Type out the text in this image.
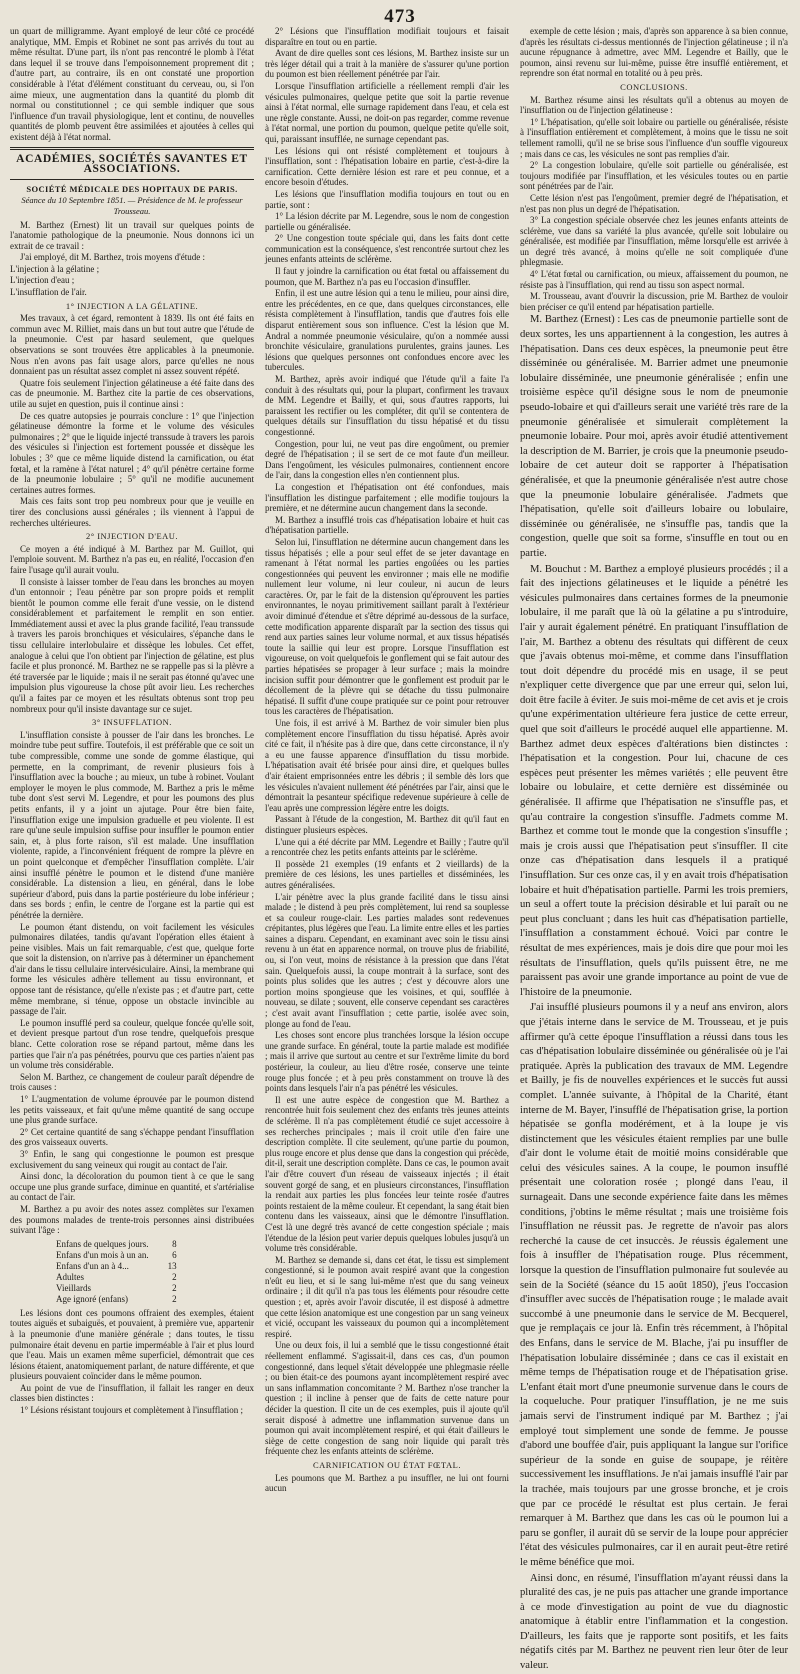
473

un quart de milligramme. Ayant employé de leur côté ce procédé analytique, MM. Empis et Robinet ne sont pas arrivés du tout au même résultat. D'une part, ils n'ont pas rencontré le plomb à l'état dans lequel il se trouve dans l'empoisonnement proprement dit ; d'autre part, au contraire, ils en ont constaté une proportion considérable à l'état d'élément constituant du cerveau, ou, si l'on aime mieux, une augmentation dans la quantité du plomb dit normal ou constitutionnel ; ce qui semble indiquer que sous l'influence d'un travail physiologique, lent et continu, de nouvelles quantités de plomb peuvent être assimilées et ajoutées à celles qui existent déjà à l'état normal.

ACADÉMIES, SOCIÉTÉS SAVANTES ET ASSOCIATIONS.
SOCIÉTÉ MÉDICALE DES HOPITAUX DE PARIS.
Séance du 10 Septembre 1851. — Présidence de M. le professeur Trousseau.

M. Barthez (Ernest) lit un travail sur quelques points de l'anatomie pathologique de la pneumonie. Nous donnons ici un extrait de ce travail :

J'ai employé, dit M. Barthez, trois moyens d'étude :

L'injection à la gélatine ;

L'injection d'eau ;

L'insufflation de l'air.

1° INJECTION A LA GÉLATINE.

Mes travaux, à cet égard, remontent à 1839. Ils ont été faits en commun avec M. Rilliet, mais dans un but tout autre que l'étude de la pneumonie. C'est par hasard seulement, que quelques observations se sont trouvées être applicables à la pneumonie. Nous n'en avons pas fait usage alors, parce qu'elles ne nous donnaient pas un résultat assez complet ni assez souvent répété.

Quatre fois seulement l'injection gélatineuse a été faite dans des cas de pneumonie. M. Barthez cite la partie de ces observations, utile au sujet en question, puis il continue ainsi :

De ces quatre autopsies je pourrais conclure : 1° que l'injection gélatineuse démontre la forme et le volume des vésicules pulmonaires ; 2° que le liquide injecté transsude à travers les parois des vésicules si l'injection est fortement poussée et dissèque les lobules ; 3° que ce même liquide distend la carnification, ou état fœtal, et la ramène à l'état naturel ; 4° qu'il pénètre certaine forme de la pneumonie lobulaire ; 5° qu'il ne modifie aucunement certaines autres formes.

Mais ces faits sont trop peu nombreux pour que je veuille en tirer des conclusions aussi générales ; ils viennent à l'appui de recherches ultérieures.

2° INJECTION D'EAU.

Ce moyen a été indiqué à M. Barthez par M. Guillot, qui l'emploie souvent. M. Barthez n'a pas eu, en réalité, l'occasion d'en faire l'usage qu'il aurait voulu.

Il consiste à laisser tomber de l'eau dans les bronches au moyen d'un entonnoir ; l'eau pénètre par son propre poids et remplit bientôt le poumon comme elle ferait d'une vessie, on le distend considérablement et parfaitement le remplit en son entier. Immédiatement aussi et avec la plus grande facilité, l'eau transsude à travers les parois bronchiques et vésiculaires, s'épanche dans le tissu cellulaire interlobulaire et dissèque les lobules. Cet effet, analogue à celui que l'on obtient par l'injection de gélatine, est plus facile et plus prononcé. M. Barthez ne se rappelle pas si la plèvre a été traversée par le liquide ; mais il ne serait pas étonné qu'avec une impulsion plus vigoureuse la chose pût avoir lieu. Les recherches qu'il a faites par ce moyen et les résultats obtenus sont trop peu nombreux pour qu'il insiste davantage sur ce sujet.

3° INSUFFLATION.

L'insufflation consiste à pousser de l'air dans les bronches. Le moindre tube peut suffire. Toutefois, il est préférable que ce soit un tube compressible, comme une sonde de gomme élastique, qui permette, en la comprimant, de revenir plusieurs fois à l'insufflation avec la bouche ; au mieux, un tube à robinet. Voulant employer le moyen le plus commode, M. Barthez a pris le même tube dont s'est servi M. Legendre, et pour les poumons des plus petits enfants, il y a joint un ajutage. Pour être bien faite, l'insufflation exige une impulsion graduelle et peu violente. Il est rare qu'une seule impulsion suffise pour insuffler le poumon entier sain, et, à plus forte raison, s'il est malade. Une insufflation violente, rapide, a l'inconvénient fréquent de rompre la plèvre en un point quelconque et d'empêcher l'insufflation complète. L'air ainsi insufflé pénètre le poumon et le distend d'une manière considérable. La distension a lieu, en général, dans le lobe supérieur d'abord, puis dans la partie postérieure du lobe inférieur ; dans ses bords ; enfin, le centre de l'organe est la partie qui est pénétrée la dernière.

Le poumon étant distendu, on voit facilement les vésicules pulmonaires dilatées, tandis qu'avant l'opération elles étaient à peine visibles. Mais un fait remarquable, c'est que, quelque forte que soit la distension, on n'arrive pas à déterminer un épanchement d'air dans le tissu cellulaire intervésiculaire. Ainsi, la membrane qui forme les vésicules adhère tellement au tissu environnant, et oppose tant de résistance, qu'elle n'existe pas ; et d'autre part, cette même membrane, si ténue, oppose un obstacle invincible au passage de l'air.

Le poumon insufflé perd sa couleur, quelque foncée qu'elle soit, et devient presque partout d'un rose tendre, quelquefois presque blanc. Cette coloration rose se répand partout, même dans les parties que l'air n'a pas pénétrées, pourvu que ces parties n'aient pas un volume très considérable.

Selon M. Barthez, ce changement de couleur paraît dépendre de trois causes :

1° L'augmentation de volume éprouvée par le poumon distend les petits vaisseaux, et fait qu'une même quantité de sang occupe une plus grande surface.

2° Cet certaine quantité de sang s'échappe pendant l'insufflation des gros vaisseaux ouverts.

3° Enfin, le sang qui congestionne le poumon est presque exclusivement du sang veineux qui rougit au contact de l'air.

Ainsi donc, la décoloration du poumon tient à ce que le sang occupe une plus grande surface, diminue en quantité, et s'artérialise au contact de l'air.

M. Barthez a pu avoir des notes assez complètes sur l'examen des poumons malades de trente-trois personnes ainsi distribuées suivant l'âge :

Enfans de quelques jours.	8
Enfans d'un mois à un an.	6
Enfans d'un an à 4...	13
Adultes	2
Vieillards	2
Age ignoré (enfans)	2

Les lésions dont ces poumons offraient des exemples, étaient toutes aiguës et subaiguës, et pouvaient, à première vue, appartenir à la pneumonie d'une manière générale ; dans toutes, le tissu pulmonaire était devenu en partie imperméable à l'air et plus lourd que l'eau. Mais un examen même superficiel, démontrait que ces lésions étaient, anatomiquement parlant, de nature différente, et que plusieurs pouvaient coïncider dans le même poumon.

Au point de vue de l'insufflation, il fallait les ranger en deux classes bien distinctes :

1° Lésions résistant toujours et complètement à l'insufflation ;

2° Lésions que l'insufflation modifiait toujours et faisait disparaître en tout ou en partie.

Avant de dire quelles sont ces lésions, M. Barthez insiste sur un très léger détail qui a trait à la manière de s'assurer qu'une portion du poumon est bien réellement pénétrée par l'air.

Lorsque l'insufflation artificielle a réellement rempli d'air les vésicules pulmonaires, quelque petite que soit la partie revenue ainsi à l'état normal, elle surnage rapidement dans l'eau, et cela est une règle constante. Aussi, ne doit-on pas regarder, comme revenue à l'état normal, une portion du poumon, quelque petite qu'elle soit, qui, paraissant insufflée, ne surnage cependant pas.

Les lésions qui ont résisté complètement et toujours à l'insufflation, sont : l'hépatisation lobaire en partie, c'est-à-dire la carnification. Cette dernière lésion est rare et peu connue, et a encore besoin d'études.

Les lésions que l'insufflation modifia toujours en tout ou en partie, sont :

1° La lésion décrite par M. Legendre, sous le nom de congestion partielle ou généralisée.

2° Une congestion toute spéciale qui, dans les faits dont cette communication est la conséquence, s'est rencontrée surtout chez les jeunes enfants atteints de sclérème.

Il faut y joindre la carnification ou état fœtal ou affaissement du poumon, que M. Barthez n'a pas eu l'occasion d'insuffler.

Enfin, il est une autre lésion qui a tenu le milieu, pour ainsi dire, entre les précédentes, en ce que, dans quelques circonstances, elle résista complètement à l'insufflation, tandis que d'autres fois elle disparut entièrement sous son influence. C'est la lésion que M. Andral a nommée pneumonie vésiculaire, qu'on a nommée aussi bronchite vésiculaire, granulations purulentes, grains jaunes. Les lésions que quelques personnes ont confondues encore avec les tubercules.

M. Barthez, après avoir indiqué que l'étude qu'il a faite l'a conduit à des résultats qui, pour la plupart, confirment les travaux de MM. Legendre et Bailly, et qui, sous d'autres rapports, lui paraissent les rectifier ou les compléter, dit qu'il se contentera de quelques détails sur l'insufflation du tissu hépatisé et du tissu congestionné.

Congestion, pour lui, ne veut pas dire engoûment, ou premier degré de l'hépatisation ; il se sert de ce mot faute d'un meilleur. Dans l'engoûment, les vésicules pulmonaires, contiennent encore de l'air, dans la congestion elles n'en contiennent plus.

La congestion et l'hépatisation ont été confondues, mais l'insufflation les distingue parfaitement ; elle modifie toujours la première, et ne détermine aucun changement dans la seconde.

M. Barthez a insufflé trois cas d'hépatisation lobaire et huit cas d'hépatisation partielle.

Selon lui, l'insufflation ne détermine aucun changement dans les tissus hépatisés ; elle a pour seul effet de se jeter davantage en ramenant à l'état normal les parties engoûées ou les parties congestionnées qui peuvent les environner ; mais elle ne modifie nullement leur volume, ni leur couleur, ni aucun de leurs caractères. Or, par le fait de la distension qu'éprouvent les parties environnantes, le noyau primitivement saillant paraît à l'extérieur avoir diminué d'étendue et s'être déprimé au-dessous de la surface, cette modification apparente disparaît par la section des tissus qui rend aux parties saines leur volume normal, et aux tissus hépatisés toute la saillie qui leur est propre. Lorsque l'insufflation est vigoureuse, on voit quelquefois le gonflement qui se fait autour des parties hépatisées se propager à leur surface ; mais la moindre incision suffit pour démontrer que le gonflement est produit par le décollement de la plèvre qui se détache du tissu pulmonaire hépatisé. Il suffit d'une coupe pratiquée sur ce point pour retrouver tous les caractères de l'hépatisation.

Une fois, il est arrivé à M. Barthez de voir simuler bien plus complètement encore l'insufflation du tissu hépatisé. Après avoir cité ce fait, il n'hésite pas à dire que, dans cette circonstance, il n'y a eu une fausse apparence d'insufflation du tissu morbide. L'hépatisation avait été brisée pour ainsi dire, et quelques bulles d'air étaient emprisonnées entre les débris ; il semble dès lors que les vésicules n'avaient nullement été pénétrées par l'air, ainsi que le démontrait la pesanteur spécifique redevenue supérieure à celle de l'eau après une compression légère entre les doigts.

Passant à l'étude de la congestion, M. Barthez dit qu'il faut en distinguer plusieurs espèces.

L'une qui a été décrite par MM. Legendre et Bailly ; l'autre qu'il a rencontrée chez les petits enfants atteints par le sclérème.

Il possède 21 exemples (19 enfants et 2 vieillards) de la première de ces lésions, les unes partielles et disséminées, les autres généralisées.

L'air pénètre avec la plus grande facilité dans le tissu ainsi malade ; le distend à peu près complètement, lui rend sa souplesse et sa couleur rouge-clair. Les parties malades sont redevenues crépitantes, plus légères que l'eau. La limite entre elles et les parties saines a disparu. Cependant, en examinant avec soin le tissu ainsi revenu à un état en apparence normal, on trouve plus de friabilité, ou, si l'on veut, moins de résistance à la pression que dans l'état sain. Quelquefois aussi, la coupe montrait à la surface, sont des points plus solides que les autres ; c'est y découvre alors une portion moins spongieuse que les voisines, et qui, soufflée à nouveau, se dilate ; souvent, elle conserve cependant ses caractères ; c'est avait avant l'insufflation ; cette partie, isolée avec soin, plonge au fond de l'eau.

Les choses sont encore plus tranchées lorsque la lésion occupe une grande surface. En général, toute la partie malade est modifiée ; mais il arrive que surtout au centre et sur l'extrême limite du bord postérieur, la couleur, au lieu d'être rosée, conserve une teinte rouge plus foncée ; et à peu près constamment on trouve là des points dans lesquels l'air n'a pas pénétré les vésicules.

Il est une autre espèce de congestion que M. Barthez a rencontrée huit fois seulement chez des enfants très jeunes atteints de sclérème. Il n'a pas complètement étudié ce sujet accessoire à ses recherches principales ; mais il croit utile d'en faire une description complète. Il cite seulement, qu'une partie du poumon, plus rouge encore et plus dense que dans la congestion qui précède, dit-il, serait une description complète. Dans ce cas, le poumon avait l'air d'être couvert d'un réseau de vaisseaux injectés ; il était souvent gorgé de sang, et en plusieurs circonstances, l'insufflation la rendait aux parties les plus foncées leur teinte rosée d'autres points restaient de la même couleur. Et cependant, la sang était bien contenu dans les vaisseaux, ainsi que le démontre l'insufflation. C'est là une degré très avancé de cette congestion spéciale ; mais l'étendue de la lésion peut varier depuis quelques lobules jusqu'à un volume très considérable.

M. Barthez se demande si, dans cet état, le tissu est simplement congestionné, si le poumon avait respiré avant que la congestion n'eût eu lieu, et si le sang lui-même n'est que du sang veineux ordinaire ; il dit qu'il n'a pas tous les éléments pour résoudre cette question ; et, après avoir l'avoir discutée, il est disposé à admettre que cette lésion anatomique est une congestion par un sang veineux et vicié, occupant les vaisseaux du poumon qui a incomplètement respiré.

Une ou deux fois, il lui a semblé que le tissu congestionné était réellement enflammé. S'agissait-il, dans ces cas, d'un poumon congestionné, dans lequel s'était développée une phlegmasie réelle ; ou bien était-ce des poumons ayant incomplètement respiré avec un sans inflammation concomitante ? M. Barthez n'ose trancher la question ; il incline à penser que de faits de cette nature pour décider la question. Il cite un de ces exemples, puis il ajoute qu'il serait disposé à admettre une inflammation survenue dans un poumon qui avait incomplètement respiré, et qui était d'ailleurs le siège de cette congestion de sang noir liquide qui paraît très fréquente chez les enfants atteints de sclérème.

CARNIFICATION OU ÉTAT FŒTAL.

Les poumons que M. Barthez a pu insuffler, ne lui ont fourni aucun

exemple de cette lésion ; mais, d'après son apparence à sa bien connue, d'après les résultats ci-dessus mentionnés de l'injection gélatineuse ; il n'a aucune répugnance à admettre, avec MM. Legendre et Bailly, que le poumon, ainsi revenu sur lui-même, puisse être insufflé entièrement, et reprendre son état normal en totalité ou à peu près.

CONCLUSIONS.

M. Barthez résume ainsi les résultats qu'il a obtenus au moyen de l'insufflation ou de l'injection gélatineuse :

1° L'hépatisation, qu'elle soit lobaire ou partielle ou généralisée, résiste à l'insufflation entièrement et complètement, à moins que le tissu ne soit tellement ramolli, qu'il ne se brise sous l'influence d'un souffle vigoureux ; mais dans ce cas, les vésicules ne sont pas remplies d'air.

2° La congestion lobulaire, qu'elle soit partielle ou généralisée, est toujours modifiée par l'insufflation, et les vésicules toutes ou en partie sont pénétrées par de l'air.

Cette lésion n'est pas l'engoûment, premier degré de l'hépatisation, et n'est pas non plus un degré de l'hépatisation.

3° La congestion spéciale observée chez les jeunes enfants atteints de sclérème, vue dans sa variété la plus avancée, qu'elle soit lobulaire ou généralisée, est modifiée par l'insufflation, même lorsqu'elle est arrivée à un degré très avancé, à moins qu'elle ne soit compliquée d'une phlegmasie.

4° L'état fœtal ou carnification, ou mieux, affaissement du poumon, ne résiste pas à l'insufflation, qui rend au tissu son aspect normal.

M. Trousseau, avant d'ouvrir la discussion, prie M. Barthez de vouloir bien préciser ce qu'il entend par hépatisation partielle.

M. Barthez (Ernest) : Les cas de pneumonie partielle sont de deux sortes, les uns appartiennent à la congestion, les autres à l'hépatisation. Dans ces deux espèces, la pneumonie peut être disséminée ou généralisée. M. Barrier admet une pneumonie lobulaire disséminée, une pneumonie généralisée ; enfin une troisième espèce qu'il désigne sous le nom de pneumonie pseudo-lobaire et qui d'ailleurs serait une variété très rare de la pneumonie généralisée et simulerait complètement la pneumonie lobaire. Pour moi, après avoir étudié attentivement la description de M. Barrier, je crois que la pneumonie pseudo-lobaire de cet auteur doit se rapporter à l'hépatisation généralisée, et que la pneumonie généralisée n'est autre chose que la pneumonie lobulaire généralisée. J'admets que l'hépatisation, qu'elle soit d'ailleurs lobaire ou lobulaire, disséminée ou généralisée, ne s'insuffle pas, tandis que la congestion, quelle que soit sa forme, s'insuffle en tout ou en partie.

M. Bouchut : M. Barthez a employé plusieurs procédés ; il a fait des injections gélatineuses et le liquide a pénétré les vésicules pulmonaires dans certaines formes de la pneumonie lobulaire, il me paraît que là où la gélatine a pu s'introduire, l'air y aurait également pénétré. En pratiquant l'insufflation de l'air, M. Barthez a obtenu des résultats qui diffèrent de ceux que j'avais obtenus moi-même, et comme dans l'insufflation tout doit dépendre du procédé mis en usage, il se peut n'expliquer cette divergence que par une erreur qui, selon lui, doit être facile à éviter. Je suis moi-même de cet avis et je crois qu'une expérimentation ultérieure fera justice de cette erreur, quel que soit d'ailleurs le procédé auquel elle appartienne. M. Barthez admet deux espèces d'altérations bien distinctes : l'hépatisation et la congestion. Pour lui, chacune de ces espèces peut présenter les mêmes variétés ; elle peuvent être lobaire ou lobulaire, et cette dernière est disséminée ou généralisée. Il affirme que l'hépatisation ne s'insuffle pas, et qu'au contraire la congestion s'insuffle. J'admets comme M. Barthez et comme tout le monde que la congestion s'insuffle ; mais je crois aussi que l'hépatisation peut s'insuffler. Il cite onze cas d'hépatisation dans lesquels il a pratiqué l'insufflation. Sur ces onze cas, il y en avait trois d'hépatisation lobaire et huit d'hépatisation partielle. Parmi les trois premiers, un seul a offert toute la précision désirable et lui paraît ou ne peut plus concluant ; dans les huit cas d'hépatisation partielle, l'insufflation a constamment échoué. Voici par contre le résultat de mes expériences, mais je dois dire que pour moi les résultats de l'insufflation, quels qu'ils puissent être, ne me paraissent pas avoir une grande importance au point de vue de l'histoire de la pneumonie.

J'ai insufflé plusieurs poumons il y a neuf ans environ, alors que j'étais interne dans le service de M. Trousseau, et je puis affirmer qu'à cette époque l'insufflation a réussi dans tous les cas d'hépatisation lobulaire disséminée ou généralisée où je l'ai pratiquée. Après la publication des travaux de MM. Legendre et Bailly, je fis de nouvelles expériences et le succès fut aussi complet. L'année suivante, à l'hôpital de la Charité, étant interne de M. Bayer, l'insufflé de l'hépatisation grise, la portion hépatisée se gonfla modérément, et à la loupe je vis distinctement que les vésicules étaient remplies par une bulle d'air dont le volume était de moitié moins considérable que celui des vésicules saines. A la coupe, le poumon insufflé présentait une coloration rosée ; plongé dans l'eau, il surnageait. Dans une seconde expérience faite dans les mêmes conditions, j'obtins le même résultat ; mais une troisième fois l'insufflation ne réussit pas. Je regrette de n'avoir pas alors recherché la cause de cet insuccès. Je réussis également une fois à insuffler de l'hépatisation rouge. Plus récemment, lorsque la question de l'insufflation pulmonaire fut soulevée au sein de la Société (séance du 15 août 1850), j'eus l'occasion d'insuffler avec succès de l'hépatisation rouge ; le malade avait succombé à une pneumonie dans le service de M. Becquerel, que je remplaçais ce jour là. Enfin très récemment, à l'hôpital des Enfans, dans le service de M. Blache, j'ai pu insuffler de l'hépatisation lobulaire disséminée ; dans ce cas il existait en même temps de l'hépatisation rouge et de l'hépatisation grise. L'enfant était mort d'une pneumonie survenue dans le cours de la coqueluche. Pour pratiquer l'insufflation, je ne me suis jamais servi de l'instrument indiqué par M. Barthez ; j'ai employé tout simplement une sonde de femme. Je pousse d'abord une bouffée d'air, puis appliquant la langue sur l'orifice supérieur de la sonde en guise de soupape, je réitère successivement les insufflations. Je n'ai jamais insufflé l'air par la trachée, mais toujours par une grosse bronche, et je crois que par ce procédé le résultat est plus certain. Je ferai remarquer à M. Barthez que dans les cas où le poumon lui a paru se gonfler, il aurait dû se servir de la loupe pour apprécier l'état des vésicules pulmonaires, car il en aurait peut-être retiré le même bénéfice que moi.

Ainsi donc, en résumé, l'insufflation m'ayant réussi dans la pluralité des cas, je ne puis pas attacher une grande importance à ce mode d'investigation au point de vue du diagnostic anatomique à établir entre l'inflammation et la congestion. D'ailleurs, les faits que je rapporte sont positifs, et les faits négatifs cités par M. Barthez ne peuvent rien leur ôter de leur valeur.
